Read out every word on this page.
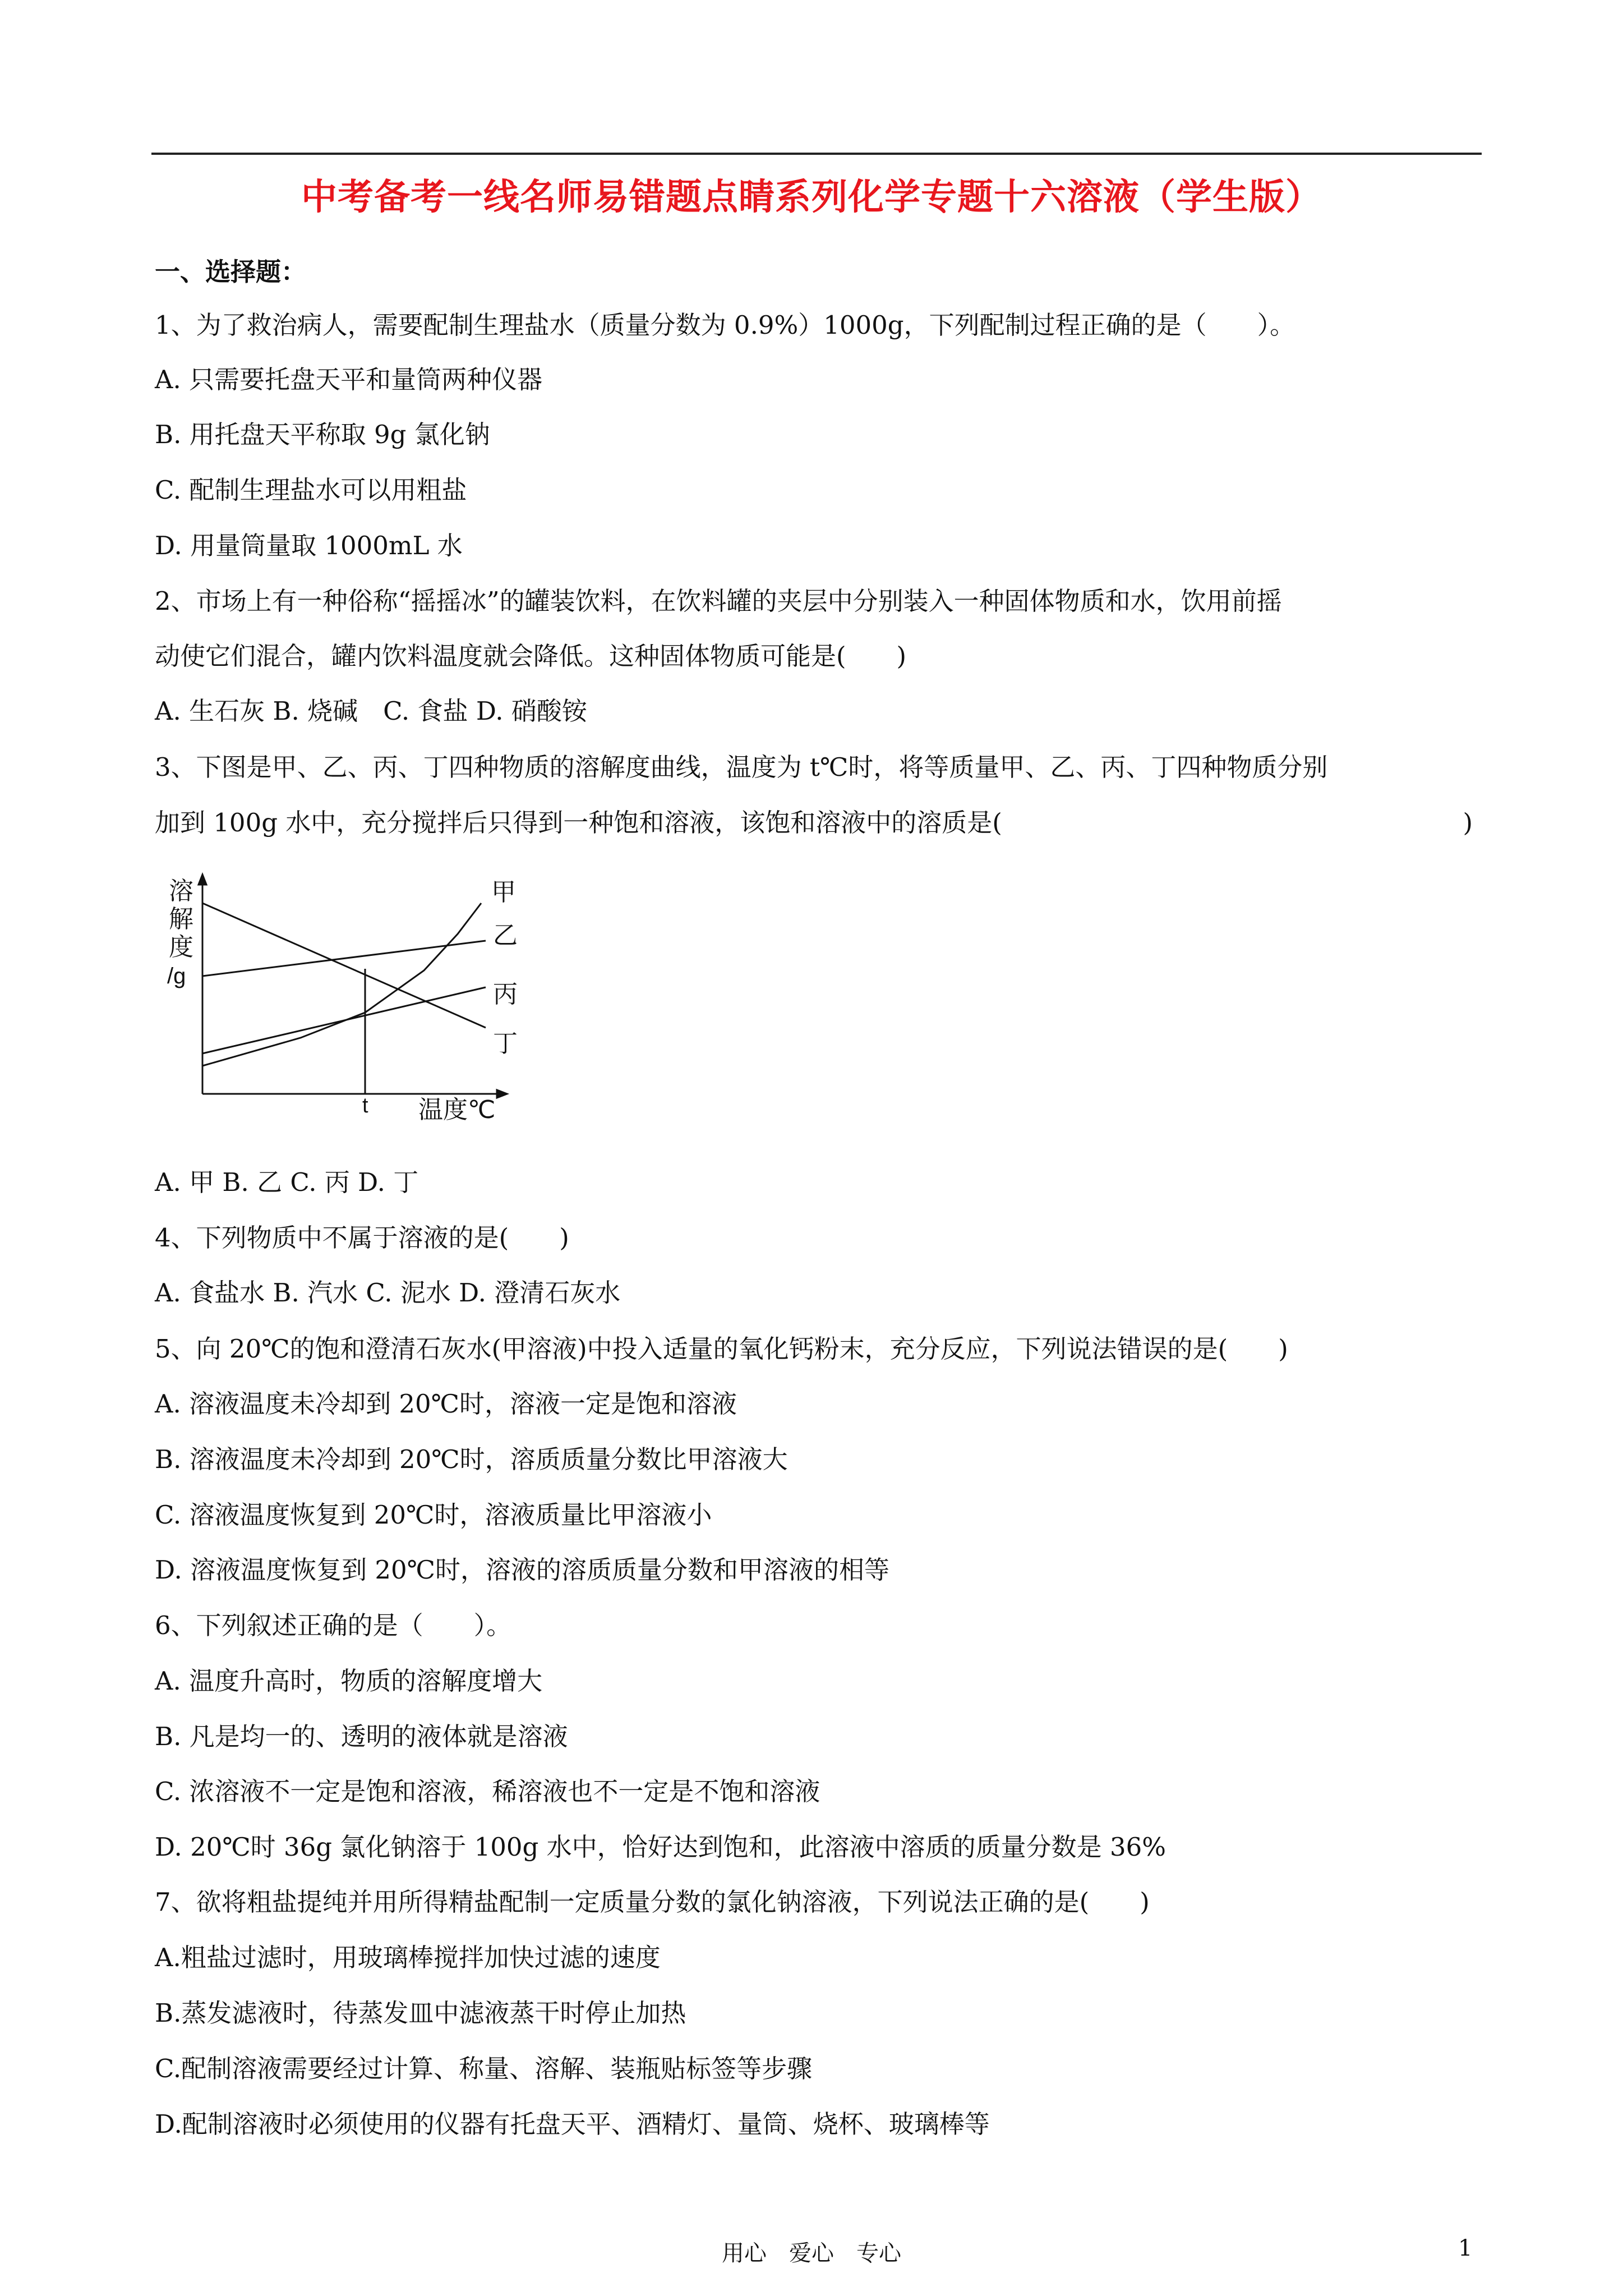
中考备考一线名师易错题点睛系列化学专题十六溶液（学生版）
一、选择题：
1、为了救治病人，需要配制生理盐水（质量分数为 0.9%）1000g，下列配制过程正确的是（　　）。
A. 只需要托盘天平和量筒两种仪器
B. 用托盘天平称取 9g 氯化钠
C. 配制生理盐水可以用粗盐
D. 用量筒量取 1000mL 水
2、市场上有一种俗称“摇摇冰”的罐装饮料，在饮料罐的夹层中分别装入一种固体物质和水，饮用前摇
动使它们混合，罐内饮料温度就会降低。这种固体物质可能是(　　)
A. 生石灰 B. 烧碱　C. 食盐 D. 硝酸铵
3、下图是甲、乙、丙、丁四种物质的溶解度曲线，温度为 t℃时，将等质量甲、乙、丙、丁四种物质分别
加到 100g 水中，充分搅拌后只得到一种饱和溶液，该饱和溶液中的溶质是(	)
溶
解
度
/g
温度℃
t
甲
乙
丙
丁
A. 甲 B. 乙 C. 丙 D. 丁
4、下列物质中不属于溶液的是(　　)
A. 食盐水 B. 汽水 C. 泥水 D. 澄清石灰水
5、向 20℃的饱和澄清石灰水(甲溶液)中投入适量的氧化钙粉末，充分反应，下列说法错误的是(　　)
A. 溶液温度未冷却到 20℃时，溶液一定是饱和溶液
B. 溶液温度未冷却到 20℃时，溶质质量分数比甲溶液大
C. 溶液温度恢复到 20℃时，溶液质量比甲溶液小
D. 溶液温度恢复到 20℃时，溶液的溶质质量分数和甲溶液的相等
6、下列叙述正确的是（　　）。
A. 温度升高时，物质的溶解度增大
B. 凡是均一的、透明的液体就是溶液
C. 浓溶液不一定是饱和溶液，稀溶液也不一定是不饱和溶液
D. 20℃时 36g 氯化钠溶于 100g 水中，恰好达到饱和，此溶液中溶质的质量分数是 36%
7、欲将粗盐提纯并用所得精盐配制一定质量分数的氯化钠溶液，下列说法正确的是(　　)
A.粗盐过滤时，用玻璃棒搅拌加快过滤的速度
B.蒸发滤液时，待蒸发皿中滤液蒸干时停止加热
C.配制溶液需要经过计算、称量、溶解、装瓶贴标签等步骤
D.配制溶液时必须使用的仪器有托盘天平、酒精灯、量筒、烧杯、玻璃棒等
用心　爱心　专心	1
